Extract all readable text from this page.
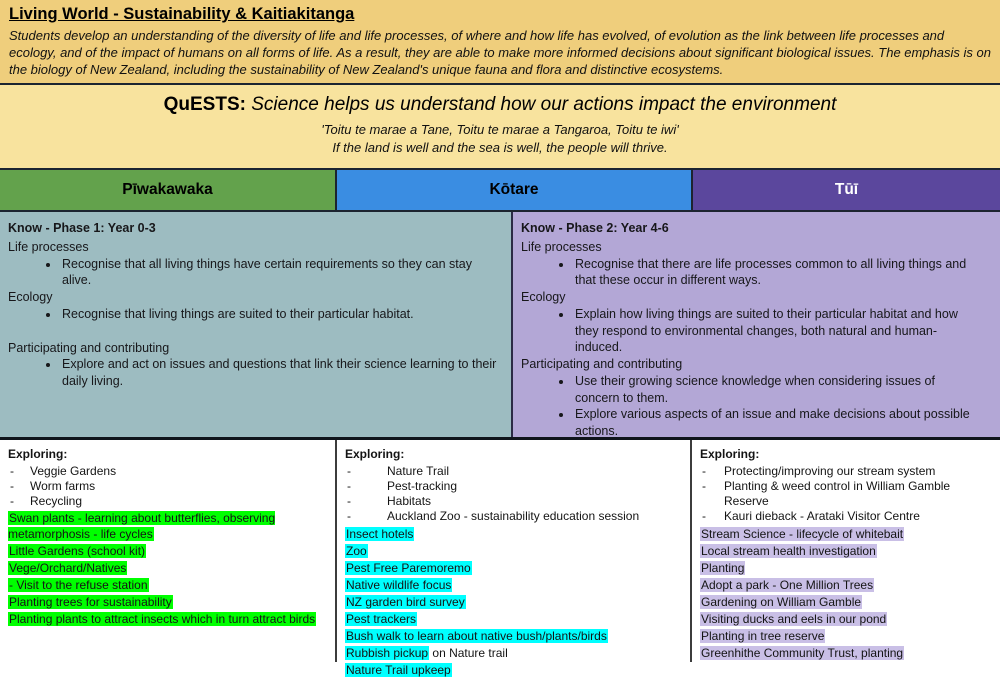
Living World - Sustainability & Kaitiakitanga
Students develop an understanding of the diversity of life and life processes, of where and how life has evolved, of evolution as the link between life processes and ecology, and of the impact of humans on all forms of life. As a result, they are able to make more informed decisions about significant biological issues. The emphasis is on the biology of New Zealand, including the sustainability of New Zealand's unique fauna and flora and distinctive ecosystems.
QuESTS: Science helps us understand how our actions impact the environment
'Toitu te marae a Tane, Toitu te marae a Tangaroa, Toitu te iwi'
If the land is well and the sea is well, the people will thrive.
Pīwakawaka	Kōtare	Tūī
Know - Phase 1: Year 0-3
Life processes
• Recognise that all living things have certain requirements so they can stay alive.
Ecology
• Recognise that living things are suited to their particular habitat.
Participating and contributing
• Explore and act on issues and questions that link their science learning to their daily living.
Know - Phase 2: Year 4-6
Life processes
• Recognise that there are life processes common to all living things and that these occur in different ways.
Ecology
• Explain how living things are suited to their particular habitat and how they respond to environmental changes, both natural and human-induced.
Participating and contributing
• Use their growing science knowledge when considering issues of concern to them.
• Explore various aspects of an issue and make decisions about possible actions.
Exploring:
-	Veggie Gardens
-	Worm farms
-	Recycling
Swan plants - learning about butterflies, observing metamorphosis - life cycles
Little Gardens (school kit)
Vege/Orchard/Natives
- Visit to the refuse station
Planting trees for sustainability
Planting plants to attract insects which in turn attract birds
Exploring:
-	Nature Trail
-	Pest-tracking
-	Habitats
-	Auckland Zoo - sustainability education session
Insect hotels
Zoo
Pest Free Paremoremo
Native wildlife focus
NZ garden bird survey
Pest trackers
Bush walk to learn about native bush/plants/birds
Rubbish pickup on Nature trail
Nature Trail upkeep
Exploring:
-	Protecting/improving our stream system
-	Planting & weed control in William Gamble Reserve
-	Kauri dieback - Arataki Visitor Centre
Stream Science - lifecycle of whitebait
Local stream health investigation
Planting
Adopt a park - One Million Trees
Gardening on William Gamble
Visiting ducks and eels in our pond
Planting in tree reserve
Greenhithe Community Trust, planting
